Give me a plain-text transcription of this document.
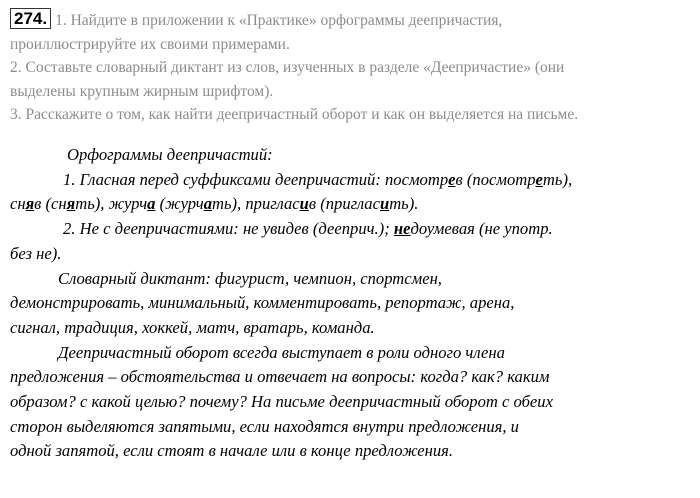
274. 1. Найдите в приложении к «Практике» орфограммы деепричастия,

проиллюстрируйте их своими примерами.

2. Составьте словарный диктант из слов, изученных в разделе «Деепричастие» (они

выделены крупным жирным шрифтом).

3. Расскажите о том, как найти деепричастный оборот и как он выделяется на письме.

Орфограммы деепричастий:

1. Гласная перед суффиксами деепричастий: посмотрев (посмотреть),

сняв (снять), журча (журчать), пригласив (пригласить).

2. Не с деепричастиями: не увидев (дееприч.); недоумевая (не употр.

без не).

Словарный диктант: фигурист, чемпион, спортсмен,

демонстрировать, минимальный, комментировать, репортаж, арена,

сигнал, традиция, хоккей, матч, вратарь, команда.

Деепричастный оборот всегда выступает в роли одного члена

предложения – обстоятельства и отвечает на вопросы: когда? как? каким

образом? с какой целью? почему? На письме деепричастный оборот с обеих

сторон выделяются запятыми, если находятся внутри предложения, и

одной запятой, если стоят в начале или в конце предложения.
